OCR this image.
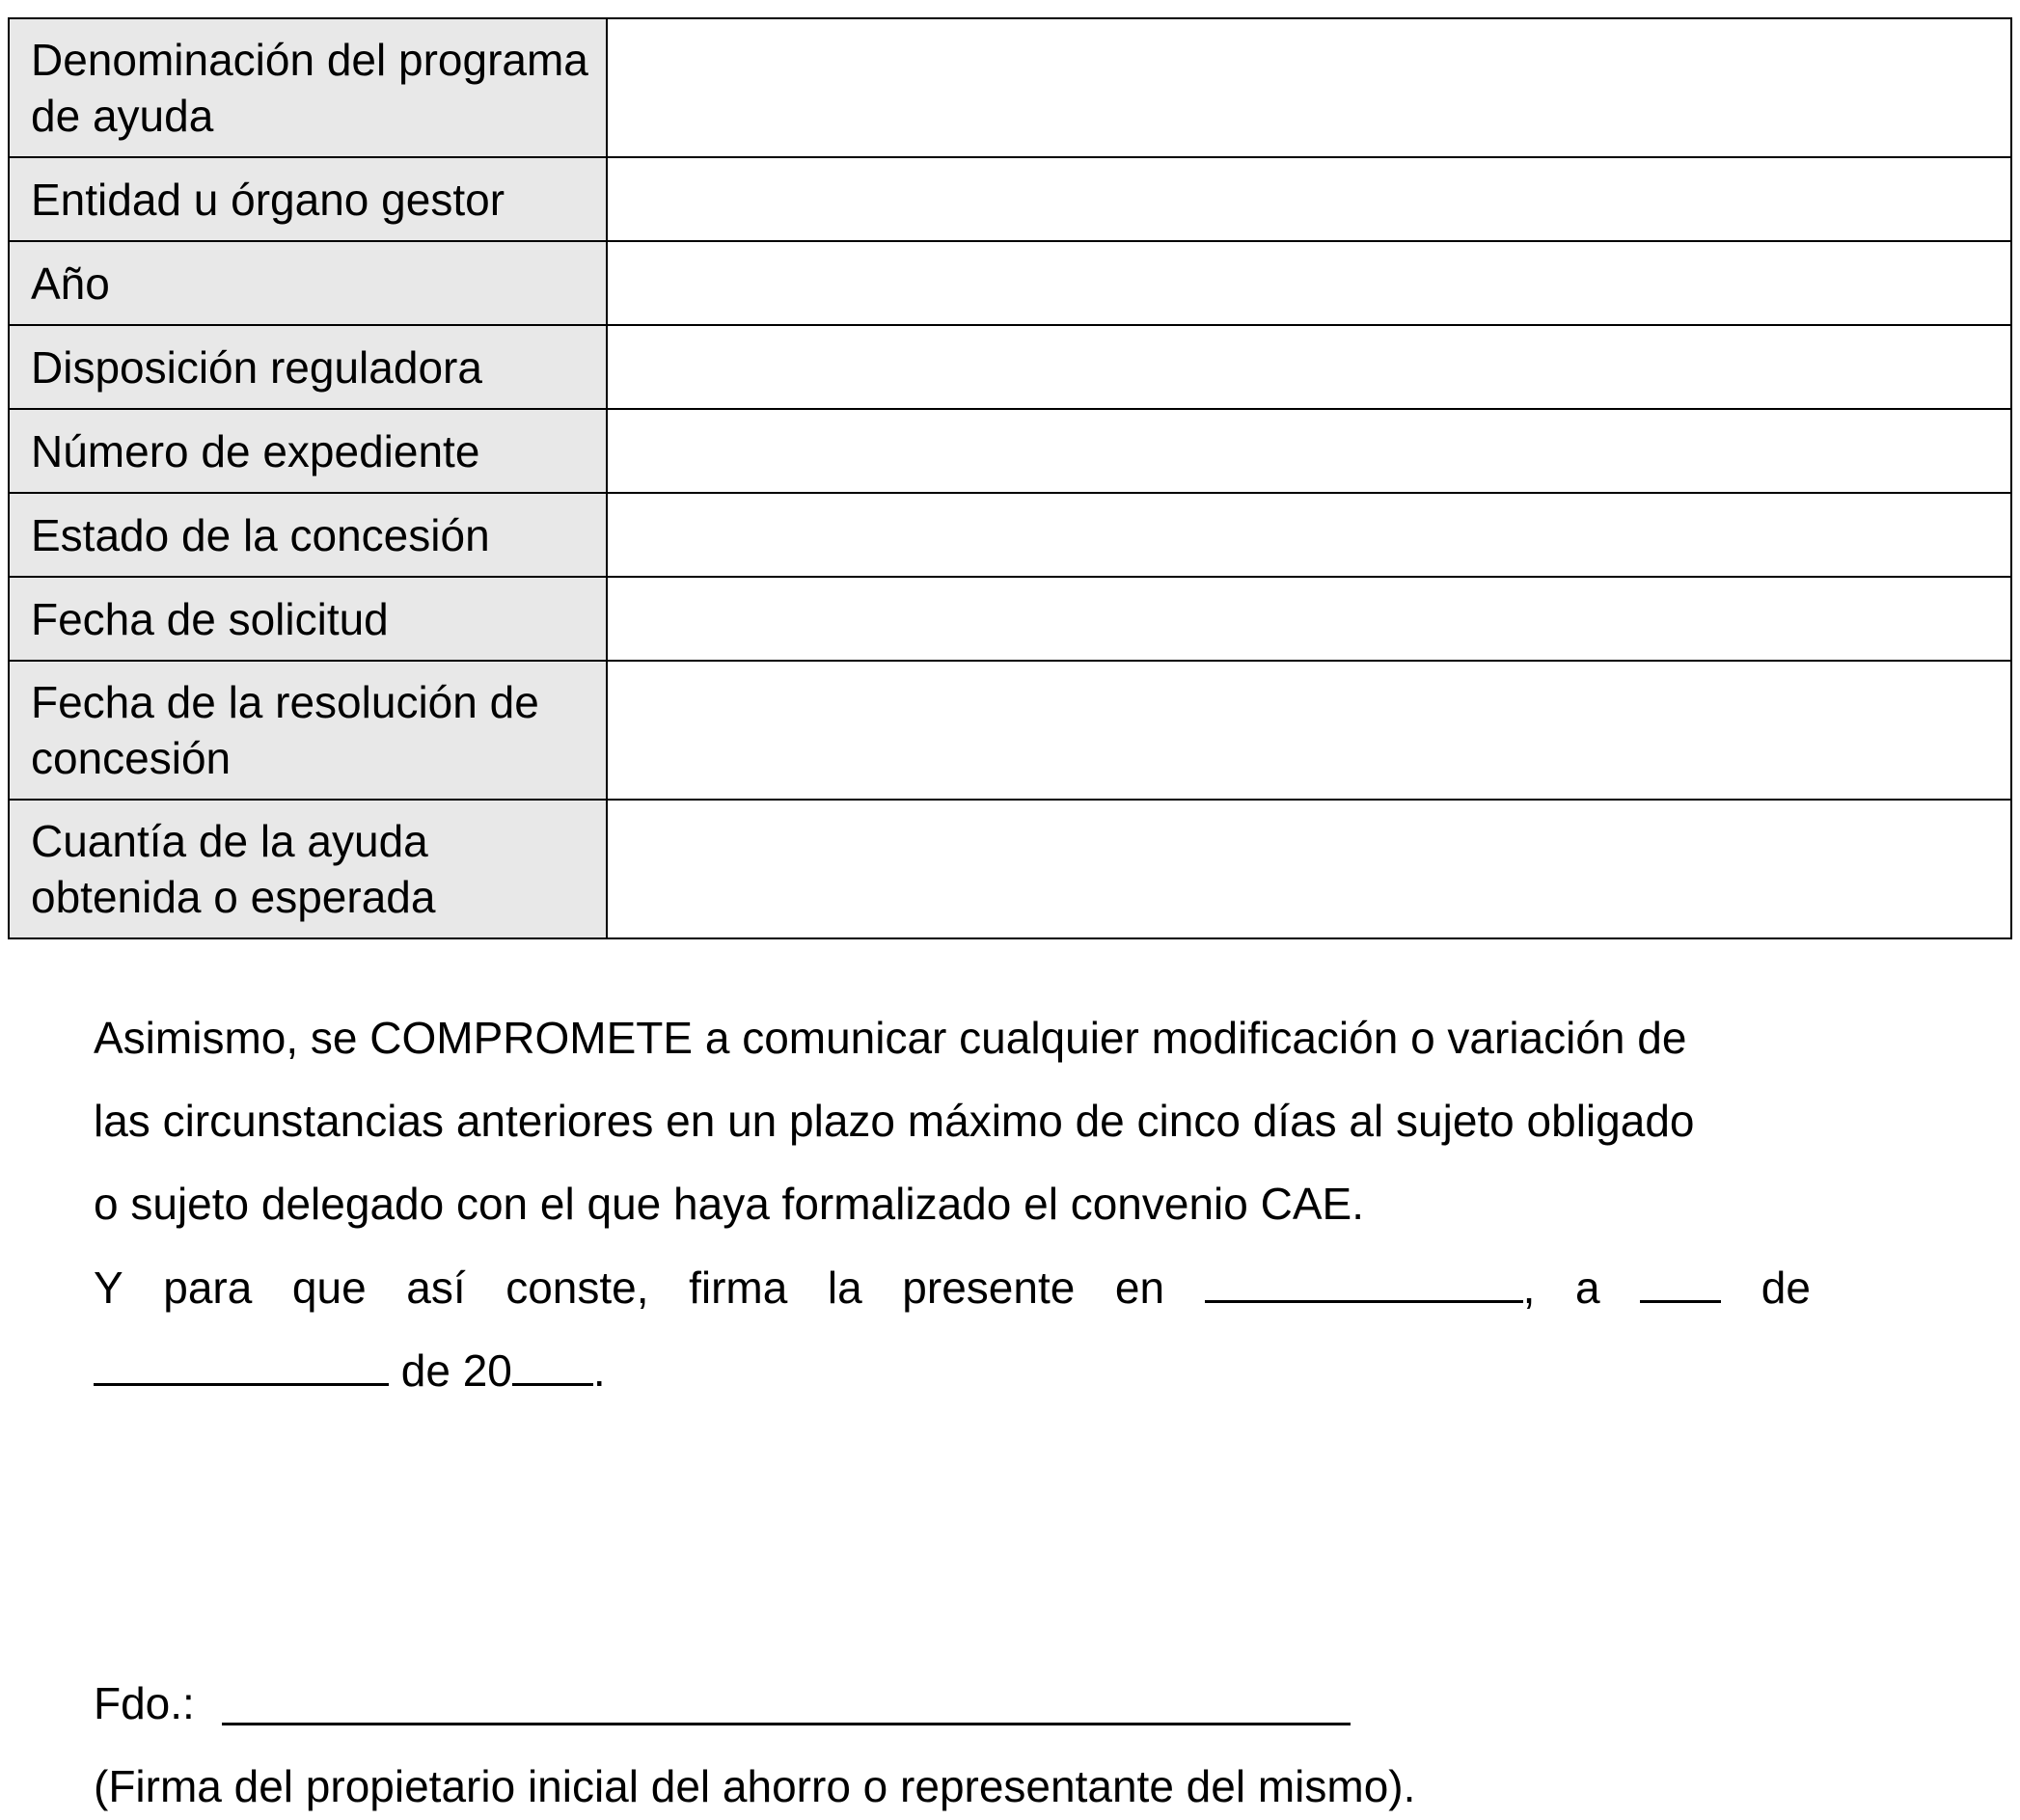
Denominación del programa de ayuda	
Entidad u órgano gestor	
Año	
Disposición reguladora	
Número de expediente	
Estado de la concesión	
Fecha de solicitud	
Fecha de la resolución de concesión	
Cuantía de la ayuda obtenida o esperada	
Asimismo, se COMPROMETE a comunicar cualquier modificación o variación de
las circunstancias anteriores en un plazo máximo de cinco días al sujeto obligado
o sujeto delegado con el que haya formalizado el convenio CAE.
Y para que así conste, firma la presente en	, a	de
de 20 .
Fdo.:
(Firma del propietario inicial del ahorro o representante del mismo).
